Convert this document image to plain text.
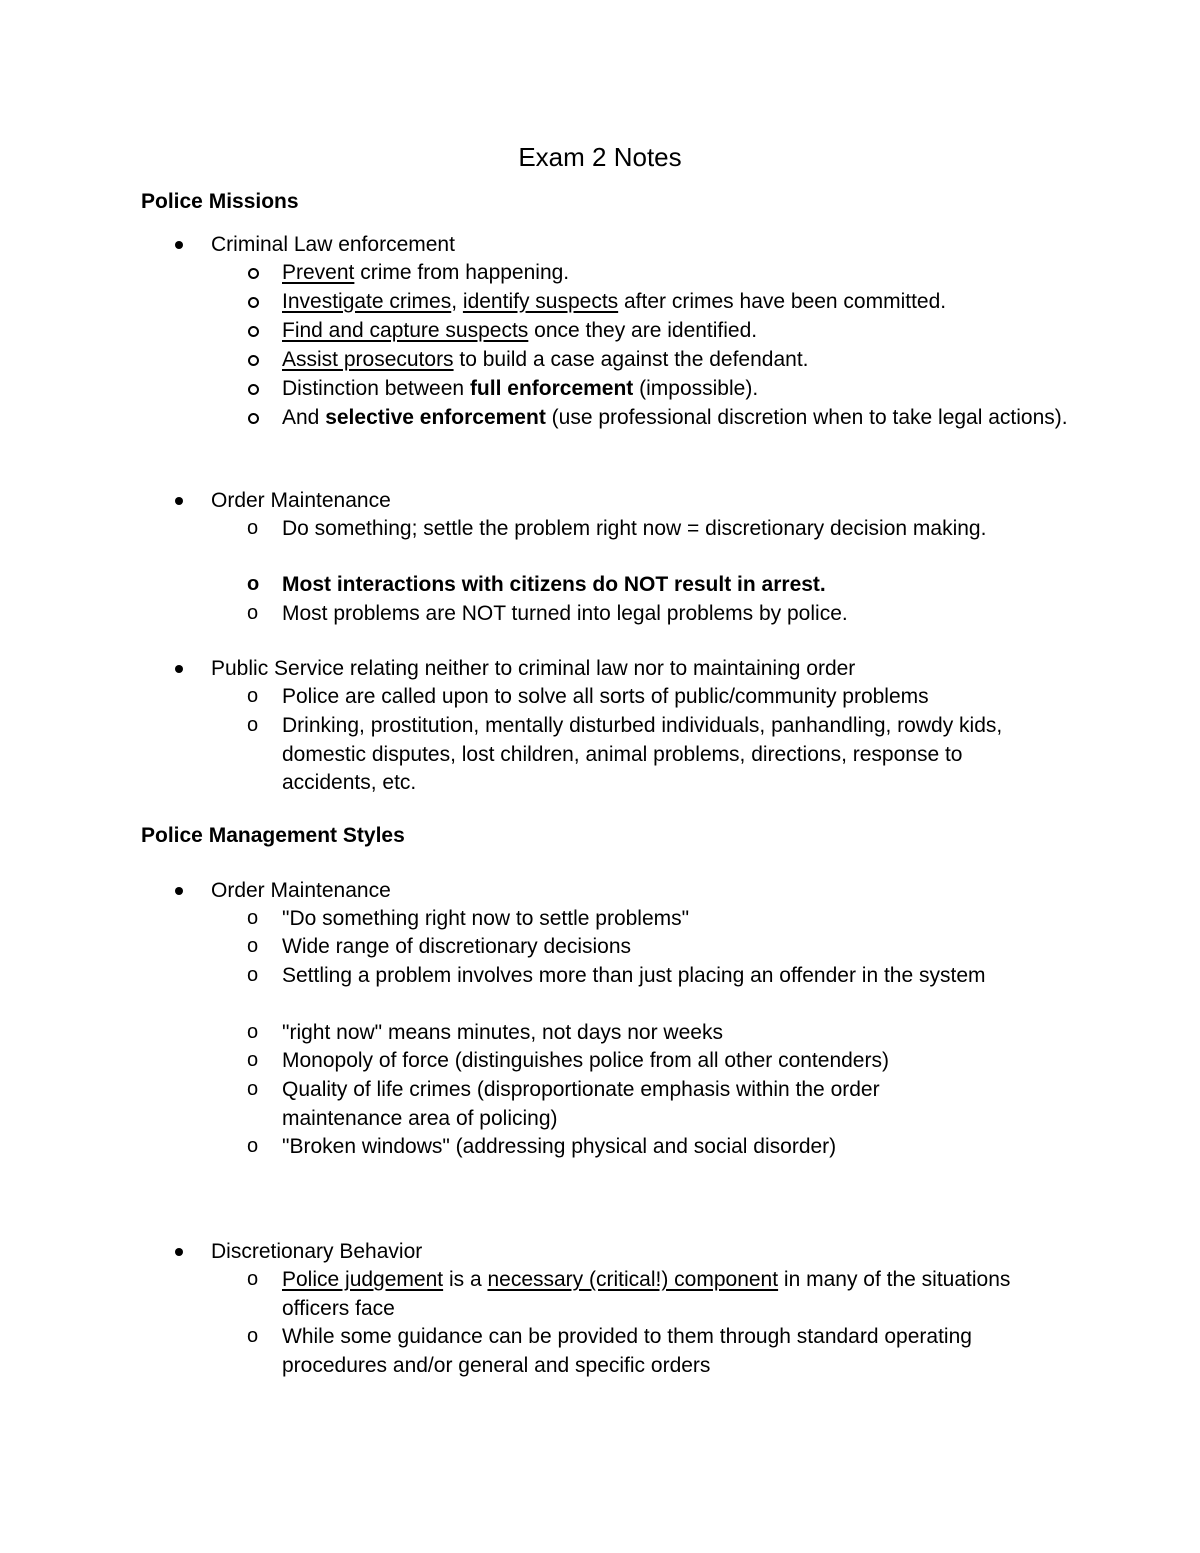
Exam 2 Notes
Police Missions
Criminal Law enforcement
Prevent crime from happening.
Investigate crimes, identify suspects after crimes have been committed.
Find and capture suspects once they are identified.
Assist prosecutors to build a case against the defendant.
Distinction between full enforcement (impossible).
And selective enforcement (use professional discretion when to take legal actions).
Order Maintenance
o Do something; settle the problem right now = discretionary decision making.
o Most interactions with citizens do NOT result in arrest.
o Most problems are NOT turned into legal problems by police.
Public Service relating neither to criminal law nor to maintaining order
o Police are called upon to solve all sorts of public/community problems
o Drinking, prostitution, mentally disturbed individuals, panhandling, rowdy kids, domestic disputes, lost children, animal problems, directions, response to accidents, etc.
Police Management Styles
Order Maintenance
o "Do something right now to settle problems"
o Wide range of discretionary decisions
o Settling a problem involves more than just placing an offender in the system
o "right now" means minutes, not days nor weeks
o Monopoly of force (distinguishes police from all other contenders)
o Quality of life crimes (disproportionate emphasis within the order maintenance area of policing)
o "Broken windows" (addressing physical and social disorder)
Discretionary Behavior
o Police judgement is a necessary (critical!) component in many of the situations officers face
o While some guidance can be provided to them through standard operating procedures and/or general and specific orders
